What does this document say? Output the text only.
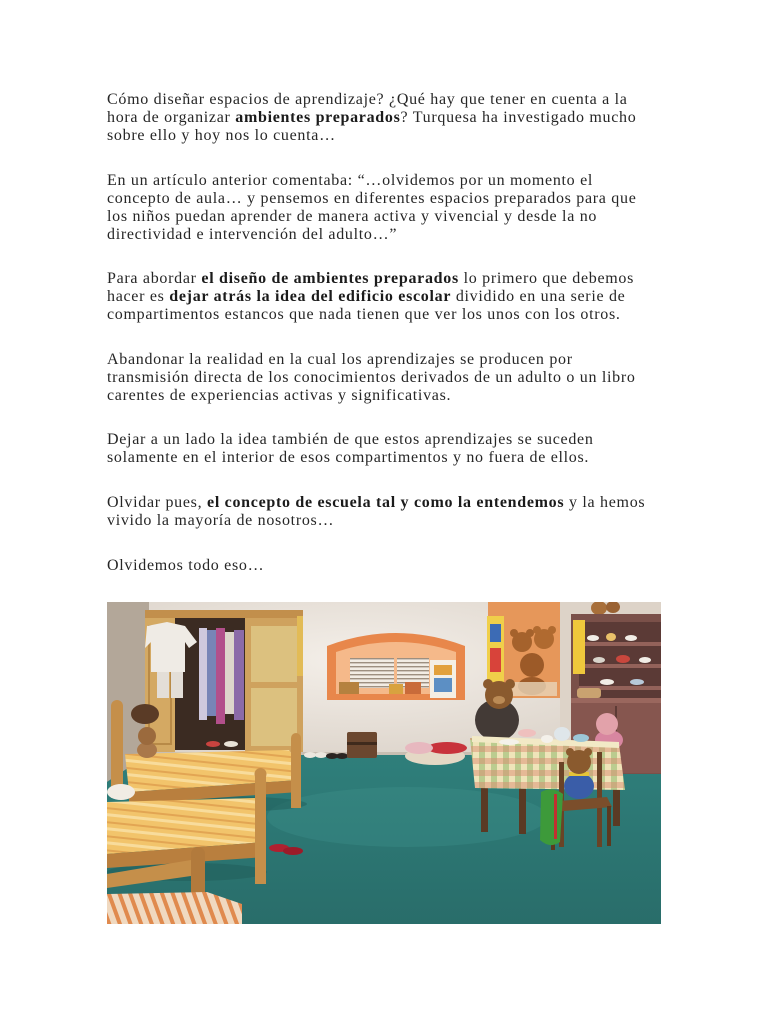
Cómo diseñar espacios de aprendizaje? ¿Qué hay que tener en cuenta a la
hora de organizar ambientes preparados? Turquesa ha investigado mucho
sobre ello y hoy nos lo cuenta…

En un artículo anterior comentaba: “…olvidemos por un momento el
concepto de aula… y pensemos en diferentes espacios preparados para que
los niños puedan aprender de manera activa y vivencial y desde la no
directividad e intervención del adulto…”

Para abordar el diseño de ambientes preparados lo primero que debemos
hacer es dejar atrás la idea del edificio escolar dividido en una serie de
compartimentos estancos que nada tienen que ver los unos con los otros.

Abandonar la realidad en la cual los aprendizajes se producen por
transmisión directa de los conocimientos derivados de un adulto o un libro
carentes de experiencias activas y significativas.

Dejar a un lado la idea también de que estos aprendizajes se suceden
solamente en el interior de esos compartimentos y no fuera de ellos.

Olvidar pues, el concepto de escuela tal y como la entendemos y la hemos
vivido la mayoría de nosotros…

Olvidemos todo eso…
